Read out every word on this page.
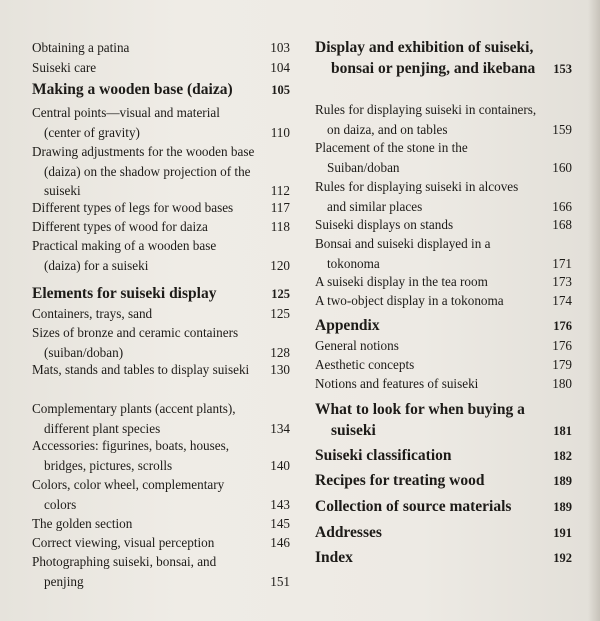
Obtaining a patina	103
Suiseki care	104
Making a wooden base (daiza)	105
Central points—visual and material (center of gravity)	110
Drawing adjustments for the wooden base (daiza) on the shadow projection of the suiseki	112
Different types of legs for wood bases	117
Different types of wood for daiza	118
Practical making of a wooden base (daiza) for a suiseki	120
Elements for suiseki display	125
Containers, trays, sand	125
Sizes of bronze and ceramic containers (suiban/doban)	128
Mats, stands and tables to display suiseki	130
Complementary plants (accent plants), different plant species	134
Accessories: figurines, boats, houses, bridges, pictures, scrolls	140
Colors, color wheel, complementary colors	143
The golden section	145
Correct viewing, visual perception	146
Photographing suiseki, bonsai, and penjing	151
Display and exhibition of suiseki, bonsai or penjing, and ikebana	153
Rules for displaying suiseki in containers, on daiza, and on tables	159
Placement of the stone in the Suiban/doban	160
Rules for displaying suiseki in alcoves and similar places	166
Suiseki displays on stands	168
Bonsai and suiseki displayed in a tokonoma	171
A suiseki display in the tea room	173
A two-object display in a tokonoma	174
Appendix	176
General notions	176
Aesthetic concepts	179
Notions and features of suiseki	180
What to look for when buying a suiseki	181
Suiseki classification	182
Recipes for treating wood	189
Collection of source materials	189
Addresses	191
Index	192
